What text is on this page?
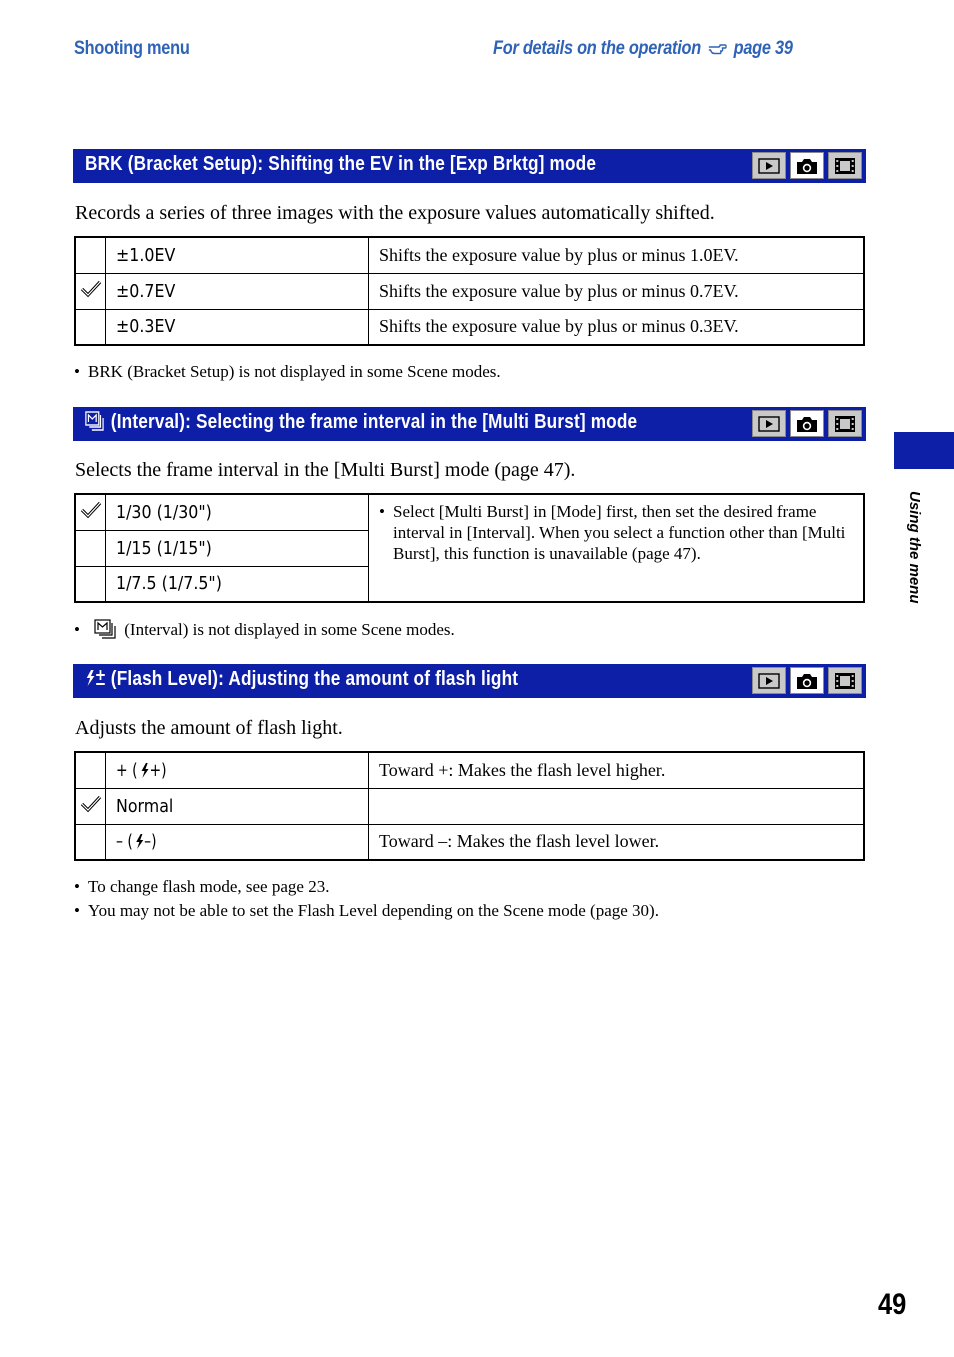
Shooting menu	For details on the operation page 39
BRK (Bracket Setup): Shifting the EV in the [Exp Brktg] mode
Records a series of three images with the exposure values automatically shifted.
	±1.0EV	Shifts the exposure value by plus or minus 1.0EV.
	±0.7EV	Shifts the exposure value by plus or minus 0.7EV.
	±0.3EV	Shifts the exposure value by plus or minus 0.3EV.
• BRK (Bracket Setup) is not displayed in some Scene modes.
(Interval): Selecting the frame interval in the [Multi Burst] mode
Selects the frame interval in the [Multi Burst] mode (page 47).
	1/30 (1/30")	• Select [Multi Burst] in [Mode] first, then set the desired frame interval in [Interval]. When you select a function other than [Multi Burst], this function is unavailable (page 47).
	1/15 (1/15")	
	1/7.5 (1/7.5")	
•	(Interval) is not displayed in some Scene modes.
(Flash Level): Adjusting the amount of flash light
Adjusts the amount of flash light.
	+ ( +)	Toward +: Makes the flash level higher.
	Normal	
	– ( –)	Toward –: Makes the flash level lower.
• To change flash mode, see page 23.
• You may not be able to set the Flash Level depending on the Scene mode (page 30).
Using the menu
49
